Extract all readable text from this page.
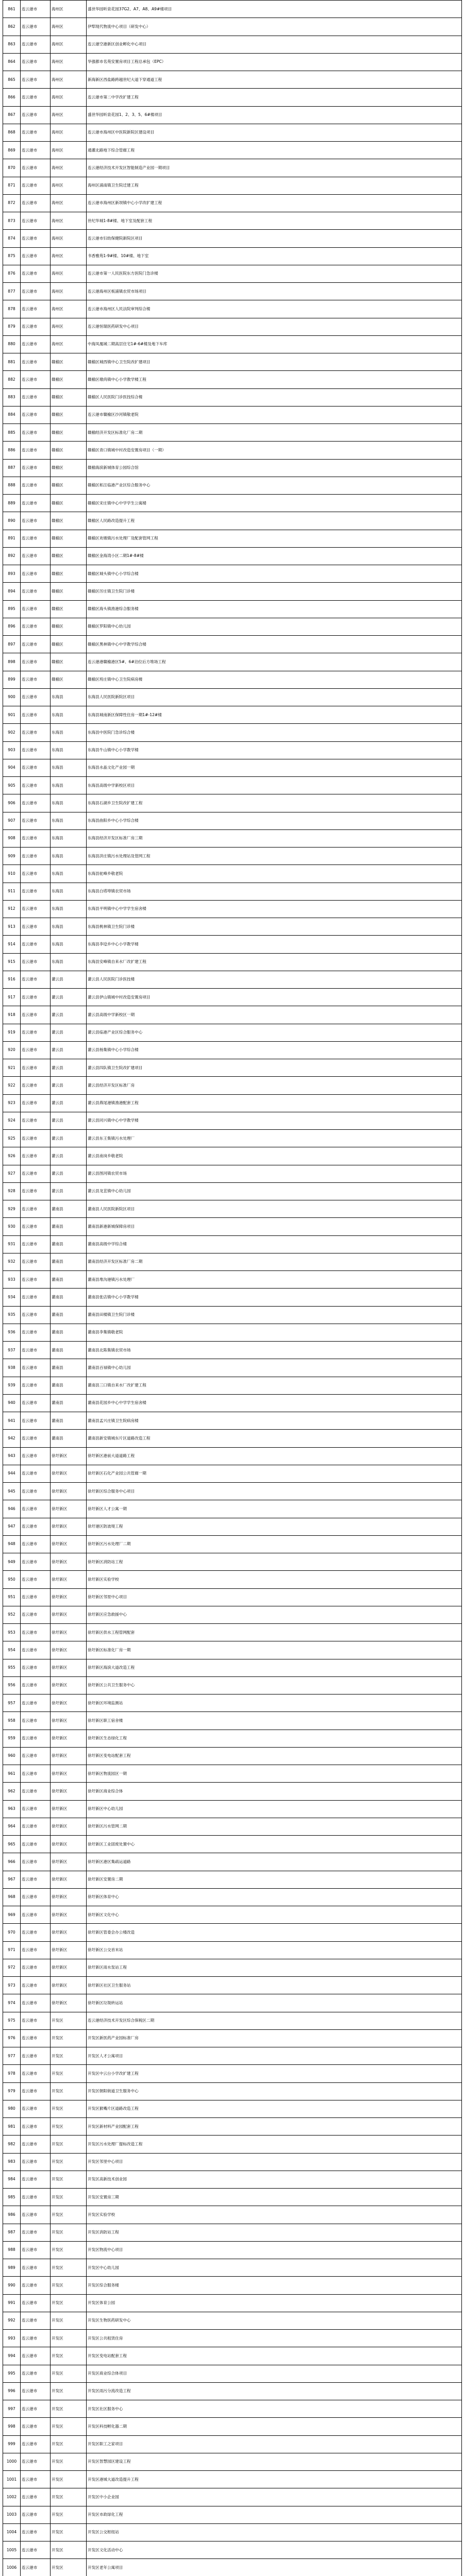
861	连云港市	海州区	盛世华园听泉花园37G2、A7、A8、A9#楼项目
862	连云港市	海州区	伊犁现代物流中心项目（研发中心）
863	连云港市	海州区	连云港空港新区创业孵化中心项目
864	连云港市	海州区	华强都市名苑安置房项目工程总承包（EPC）
865	连云港市	海州区	新海新区西盐路跨越世纪大道下穿通道工程
866	连云港市	海州区	连云港市第二中学改扩建工程
867	连云港市	海州区	盛世华园听泉花园1、2、3、5、6#楼项目
868	连云港市	海州区	连云港市海州区中医院新院区建设项目
869	连云港市	海州区	通灌北路地下综合管廊工程
870	连云港市	海州区	连云港经济技术开发区智能制造产业园一期项目
871	连云港市	海州区	海州区浦南镇卫生院迁建工程
872	连云港市	海州区	连云港市海州区新坝镇中心小学改扩建工程
873	连云港市	海州区	世纪华城1-8#楼、地下室及配套工程
874	连云港市	海州区	连云港市妇幼保健院新院区项目
875	连云港市	海州区	书香雅苑1-9#楼、10#楼、地下室
876	连云港市	海州区	连云港市第一人民医院东方医院门急诊楼
877	连云港市	海州区	连云港海州区板浦镇农贸市场项目
878	连云港市	海州区	连云港市海州区人民法院审判综合楼
879	连云港市	海州区	连云港恒瑞医药研发中心项目
880	连云港市	海州区	中海凤凰城二期高层住宅1#-6#楼及地下车库
881	连云港市	赣榆区	赣榆区城西镇中心卫生院改扩建项目
882	连云港市	赣榆区	赣榆区墩尚镇中心小学教学楼工程
883	连云港市	赣榆区	赣榆区人民医院门诊医技综合楼
884	连云港市	赣榆区	连云港市赣榆区沙河镇敬老院
885	连云港市	赣榆区	赣榆经济开发区标准化厂房二期
886	连云港市	赣榆区	赣榆区青口镇城中村改造安置房项目（一期）
887	连云港市	赣榆区	赣榆海滨新城体育公园综合馆
888	连云港市	赣榆区	赣榆区柘汪临港产业区综合服务中心
889	连云港市	赣榆区	赣榆区宋庄镇中心中学学生公寓楼
890	连云港市	赣榆区	赣榆区人民路改造提升工程
891	连云港市	赣榆区	赣榆区欢墩镇污水处理厂及配套管网工程
892	连云港市	赣榆区	赣榆区金海湾小区二期1#-8#楼
893	连云港市	赣榆区	赣榆区城头镇中心小学综合楼
894	连云港市	赣榆区	赣榆区厉庄镇卫生院门诊楼
895	连云港市	赣榆区	赣榆区海头镇渔港综合服务楼
896	连云港市	赣榆区	赣榆区罗阳镇中心幼儿园
897	连云港市	赣榆区	赣榆区黑林镇中心中学教学综合楼
898	连云港市	赣榆区	连云港港赣榆港区5#、6#泊位后方堆场工程
899	连云港市	赣榆区	赣榆区班庄镇中心卫生院病房楼
900	连云港市	东海县	东海县人民医院新院区项目
901	连云港市	东海县	东海县城南新区保障性住房一期1#-12#楼
902	连云港市	东海县	东海县中医院门急诊综合楼
903	连云港市	东海县	东海县牛山镇中心小学教学楼
904	连云港市	东海县	东海县水晶文化产业园一期
905	连云港市	东海县	东海县高级中学新校区项目
906	连云港市	东海县	东海县石湖乡卫生院改扩建工程
907	连云港市	东海县	东海县曲阳乡中心小学综合楼
908	连云港市	东海县	东海县经济开发区标准厂房三期
909	连云港市	东海县	东海县洪庄镇污水处理站及管网工程
910	连云港市	东海县	东海县驼峰乡敬老院
911	连云港市	东海县	东海县白塔埠镇农贸市场
912	连云港市	东海县	东海县平明镇中心中学学生宿舍楼
913	连云港市	东海县	东海县桃林镇卫生院门诊楼
914	连云港市	东海县	东海县李埝乡中心小学教学楼
915	连云港市	东海县	东海县安峰镇自来水厂改扩建工程
916	连云港市	灌云县	灌云县人民医院门诊医技楼
917	连云港市	灌云县	灌云县伊山镇城中村改造安置房项目
918	连云港市	灌云县	灌云县高级中学新校区一期
919	连云港市	灌云县	灌云县临港产业区综合服务中心
920	连云港市	灌云县	灌云县杨集镇中心小学综合楼
921	连云港市	灌云县	灌云县四队镇卫生院改扩建项目
922	连云港市	灌云县	灌云县经济开发区标准厂房
923	连云港市	灌云县	灌云县燕尾港镇渔港配套工程
924	连云港市	灌云县	灌云县同兴镇中心中学教学楼
925	连云港市	灌云县	灌云县东王集镇污水处理厂
926	连云港市	灌云县	灌云县南岗乡敬老院
927	连云港市	灌云县	灌云县图河镇农贸市场
928	连云港市	灌云县	灌云县龙苴镇中心幼儿园
929	连云港市	灌南县	灌南县人民医院新院区项目
930	连云港市	灌南县	灌南县新港新城保障房项目
931	连云港市	灌南县	灌南县高级中学综合楼
932	连云港市	灌南县	灌南县经济开发区标准厂房二期
933	连云港市	灌南县	灌南县堆沟港镇污水处理厂
934	连云港市	灌南县	灌南县张店镇中心小学教学楼
935	连云港市	灌南县	灌南县田楼镇卫生院门诊楼
936	连云港市	灌南县	灌南县李集镇敬老院
937	连云港市	灌南县	灌南县北陈集镇农贸市场
938	连云港市	灌南县	灌南县百禄镇中心幼儿园
939	连云港市	灌南县	灌南县三口镇自来水厂改扩建工程
940	连云港市	灌南县	灌南县花园乡中心中学学生宿舍楼
941	连云港市	灌南县	灌南县孟兴庄镇卫生院病房楼
942	连云港市	灌南县	灌南县新安镇城东片区道路改造工程
943	连云港市	徐圩新区	徐圩新区港前大道道路工程
944	连云港市	徐圩新区	徐圩新区石化产业园公共管廊一期
945	连云港市	徐圩新区	徐圩新区综合服务中心项目
946	连云港市	徐圩新区	徐圩新区人才公寓一期
947	连云港市	徐圩新区	徐圩港区防波堤工程
948	连云港市	徐圩新区	徐圩新区污水处理厂二期
949	连云港市	徐圩新区	徐圩新区消防站工程
950	连云港市	徐圩新区	徐圩新区实验学校
951	连云港市	徐圩新区	徐圩新区邻里中心项目
952	连云港市	徐圩新区	徐圩新区应急救援中心
953	连云港市	徐圩新区	徐圩新区供水工程管网配套
954	连云港市	徐圩新区	徐圩新区标准化厂房一期
955	连云港市	徐圩新区	徐圩新区海滨大道改造工程
956	连云港市	徐圩新区	徐圩新区公共卫生服务中心
957	连云港市	徐圩新区	徐圩新区环境监测站
958	连云港市	徐圩新区	徐圩新区职工宿舍楼
959	连云港市	徐圩新区	徐圩新区生态绿化工程
960	连云港市	徐圩新区	徐圩新区变电站配套工程
961	连云港市	徐圩新区	徐圩新区物流园区一期
962	连云港市	徐圩新区	徐圩新区商业综合体
963	连云港市	徐圩新区	徐圩新区中心幼儿园
964	连云港市	徐圩新区	徐圩新区污水管网二期
965	连云港市	徐圩新区	徐圩新区工业固废处置中心
966	连云港市	徐圩新区	徐圩新区港区集疏运道路
967	连云港市	徐圩新区	徐圩新区安置房二期
968	连云港市	徐圩新区	徐圩新区体育中心
969	连云港市	徐圩新区	徐圩新区文化中心
970	连云港市	徐圩新区	徐圩新区管委会办公楼改造
971	连云港市	徐圩新区	徐圩新区公交首末站
972	连云港市	徐圩新区	徐圩新区雨水泵站工程
973	连云港市	徐圩新区	徐圩新区社区卫生服务站
974	连云港市	徐圩新区	徐圩新区垃圾转运站
975	连云港市	开发区	连云港经济技术开发区综合保税区二期
976	连云港市	开发区	开发区新医药产业园标准厂房
977	连云港市	开发区	开发区人才公寓项目
978	连云港市	开发区	开发区中云台小学改扩建工程
979	连云港市	开发区	开发区朝阳街道卫生服务中心
980	连云港市	开发区	开发区猴嘴片区道路改造工程
981	连云港市	开发区	开发区新材料产业园配套工程
982	连云港市	开发区	开发区污水处理厂提标改造工程
983	连云港市	开发区	开发区邻里中心项目
984	连云港市	开发区	开发区高新技术创业园
985	连云港市	开发区	开发区安置房三期
986	连云港市	开发区	开发区实验学校
987	连云港市	开发区	开发区消防站工程
988	连云港市	开发区	开发区物流中心项目
989	连云港市	开发区	开发区中心幼儿园
990	连云港市	开发区	开发区综合服务楼
991	连云港市	开发区	开发区体育公园
992	连云港市	开发区	开发区生物医药研发中心
993	连云港市	开发区	开发区公共租赁住房
994	连云港市	开发区	开发区变电站配套工程
995	连云港市	开发区	开发区商业综合体项目
996	连云港市	开发区	开发区雨污分流改造工程
997	连云港市	开发区	开发区社区服务中心
998	连云港市	开发区	开发区科技孵化器二期
999	连云港市	开发区	开发区职工之家项目
1000	连云港市	开发区	开发区智慧园区建设工程
1001	连云港市	开发区	开发区港城大道改造提升工程
1002	连云港市	开发区	开发区中小企业园
1003	连云港市	开发区	开发区市政绿化工程
1004	连云港市	开发区	开发区公交枢纽站
1005	连云港市	开发区	开发区文化活动中心
1006	连云港市	开发区	开发区老年公寓项目
